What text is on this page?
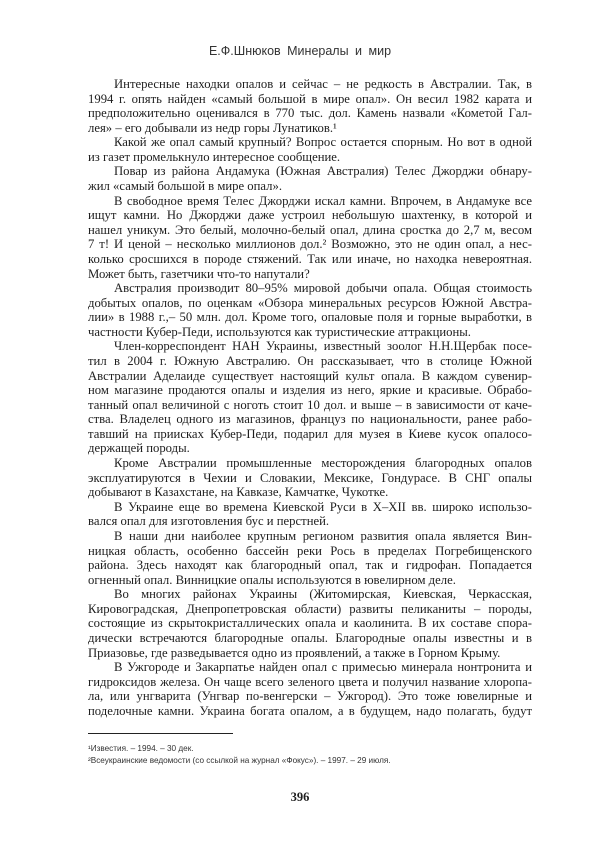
Е.Ф.Шнюков Минералы и мир
Интересные находки опалов и сейчас – не редкость в Австралии. Так, в
1994 г. опять найден «самый большой в мире опал». Он весил 1982 карата и
предположительно оценивался в 770 тыс. дол. Камень назвали «Кометой Гал-
лея» – его добывали из недр горы Лунатиков.¹
Какой же опал самый крупный? Вопрос остается спорным. Но вот в одной
из газет промелькнуло интересное сообщение.
Повар из района Андамука (Южная Австралия) Телес Джорджи обнару-
жил «самый большой в мире опал».
В свободное время Телес Джорджи искал камни. Впрочем, в Андамуке все
ищут камни. Но Джорджи даже устроил небольшую шахтенку, в которой и
нашел уникум. Это белый, молочно-белый опал, длина сростка до 2,7 м, весом
7 т! И ценой – несколько миллионов дол.² Возможно, это не один опал, а нес-
колько сросшихся в породе стяжений. Так или иначе, но находка невероятная.
Может быть, газетчики что-то напутали?
Австралия производит 80–95% мировой добычи опала. Общая стоимость
добытых опалов, по оценкам «Обзора минеральных ресурсов Южной Австра-
лии» в 1988 г.,– 50 млн. дол. Кроме того, опаловые поля и горные выработки, в
частности Кубер-Педи, используются как туристические аттракционы.
Член-корреспондент НАН Украины, известный зоолог Н.Н.Щербак посе-
тил в 2004 г. Южную Австралию. Он рассказывает, что в столице Южной
Австралии Аделаиде существует настоящий культ опала. В каждом сувенир-
ном магазине продаются опалы и изделия из него, яркие и красивые. Обрабо-
танный опал величиной с ноготь стоит 10 дол. и выше – в зависимости от каче-
ства. Владелец одного из магазинов, француз по национальности, ранее рабо-
тавший на приисках Кубер-Педи, подарил для музея в Киеве кусок опалосо-
держащей породы.
Кроме Австралии промышленные месторождения благородных опалов
эксплуатируются в Чехии и Словакии, Мексике, Гондурасе. В СНГ опалы
добывают в Казахстане, на Кавказе, Камчатке, Чукотке.
В Украине еще во времена Киевской Руси в X–XII вв. широко использо-
вался опал для изготовления бус и перстней.
В наши дни наиболее крупным регионом развития опала является Вин-
ницкая область, особенно бассейн реки Рось в пределах Погребищенского
района. Здесь находят как благородный опал, так и гидрофан. Попадается
огненный опал. Винницкие опалы используются в ювелирном деле.
Во многих районах Украины (Житомирская, Киевская, Черкасская,
Кировоградская, Днепропетровская области) развиты пеликаниты – породы,
состоящие из скрытокристаллических опала и каолинита. В их составе спора-
дически встречаются благородные опалы. Благородные опалы известны и в
Приазовье, где разведывается одно из проявлений, а также в Горном Крыму.
В Ужгороде и Закарпатье найден опал с примесью минерала нонтронита и
гидроксидов железа. Он чаще всего зеленого цвета и получил название хлоропа-
ла, или унгварита (Унгвар по-венгерски – Ужгород). Это тоже ювелирные и
поделочные камни. Украина богата опалом, а в будущем, надо полагать, будут
¹Известия. – 1994. – 30 дек.
²Всеукраинские ведомости (со ссылкой на журнал «Фокус»). – 1997. – 29 июля.
396
